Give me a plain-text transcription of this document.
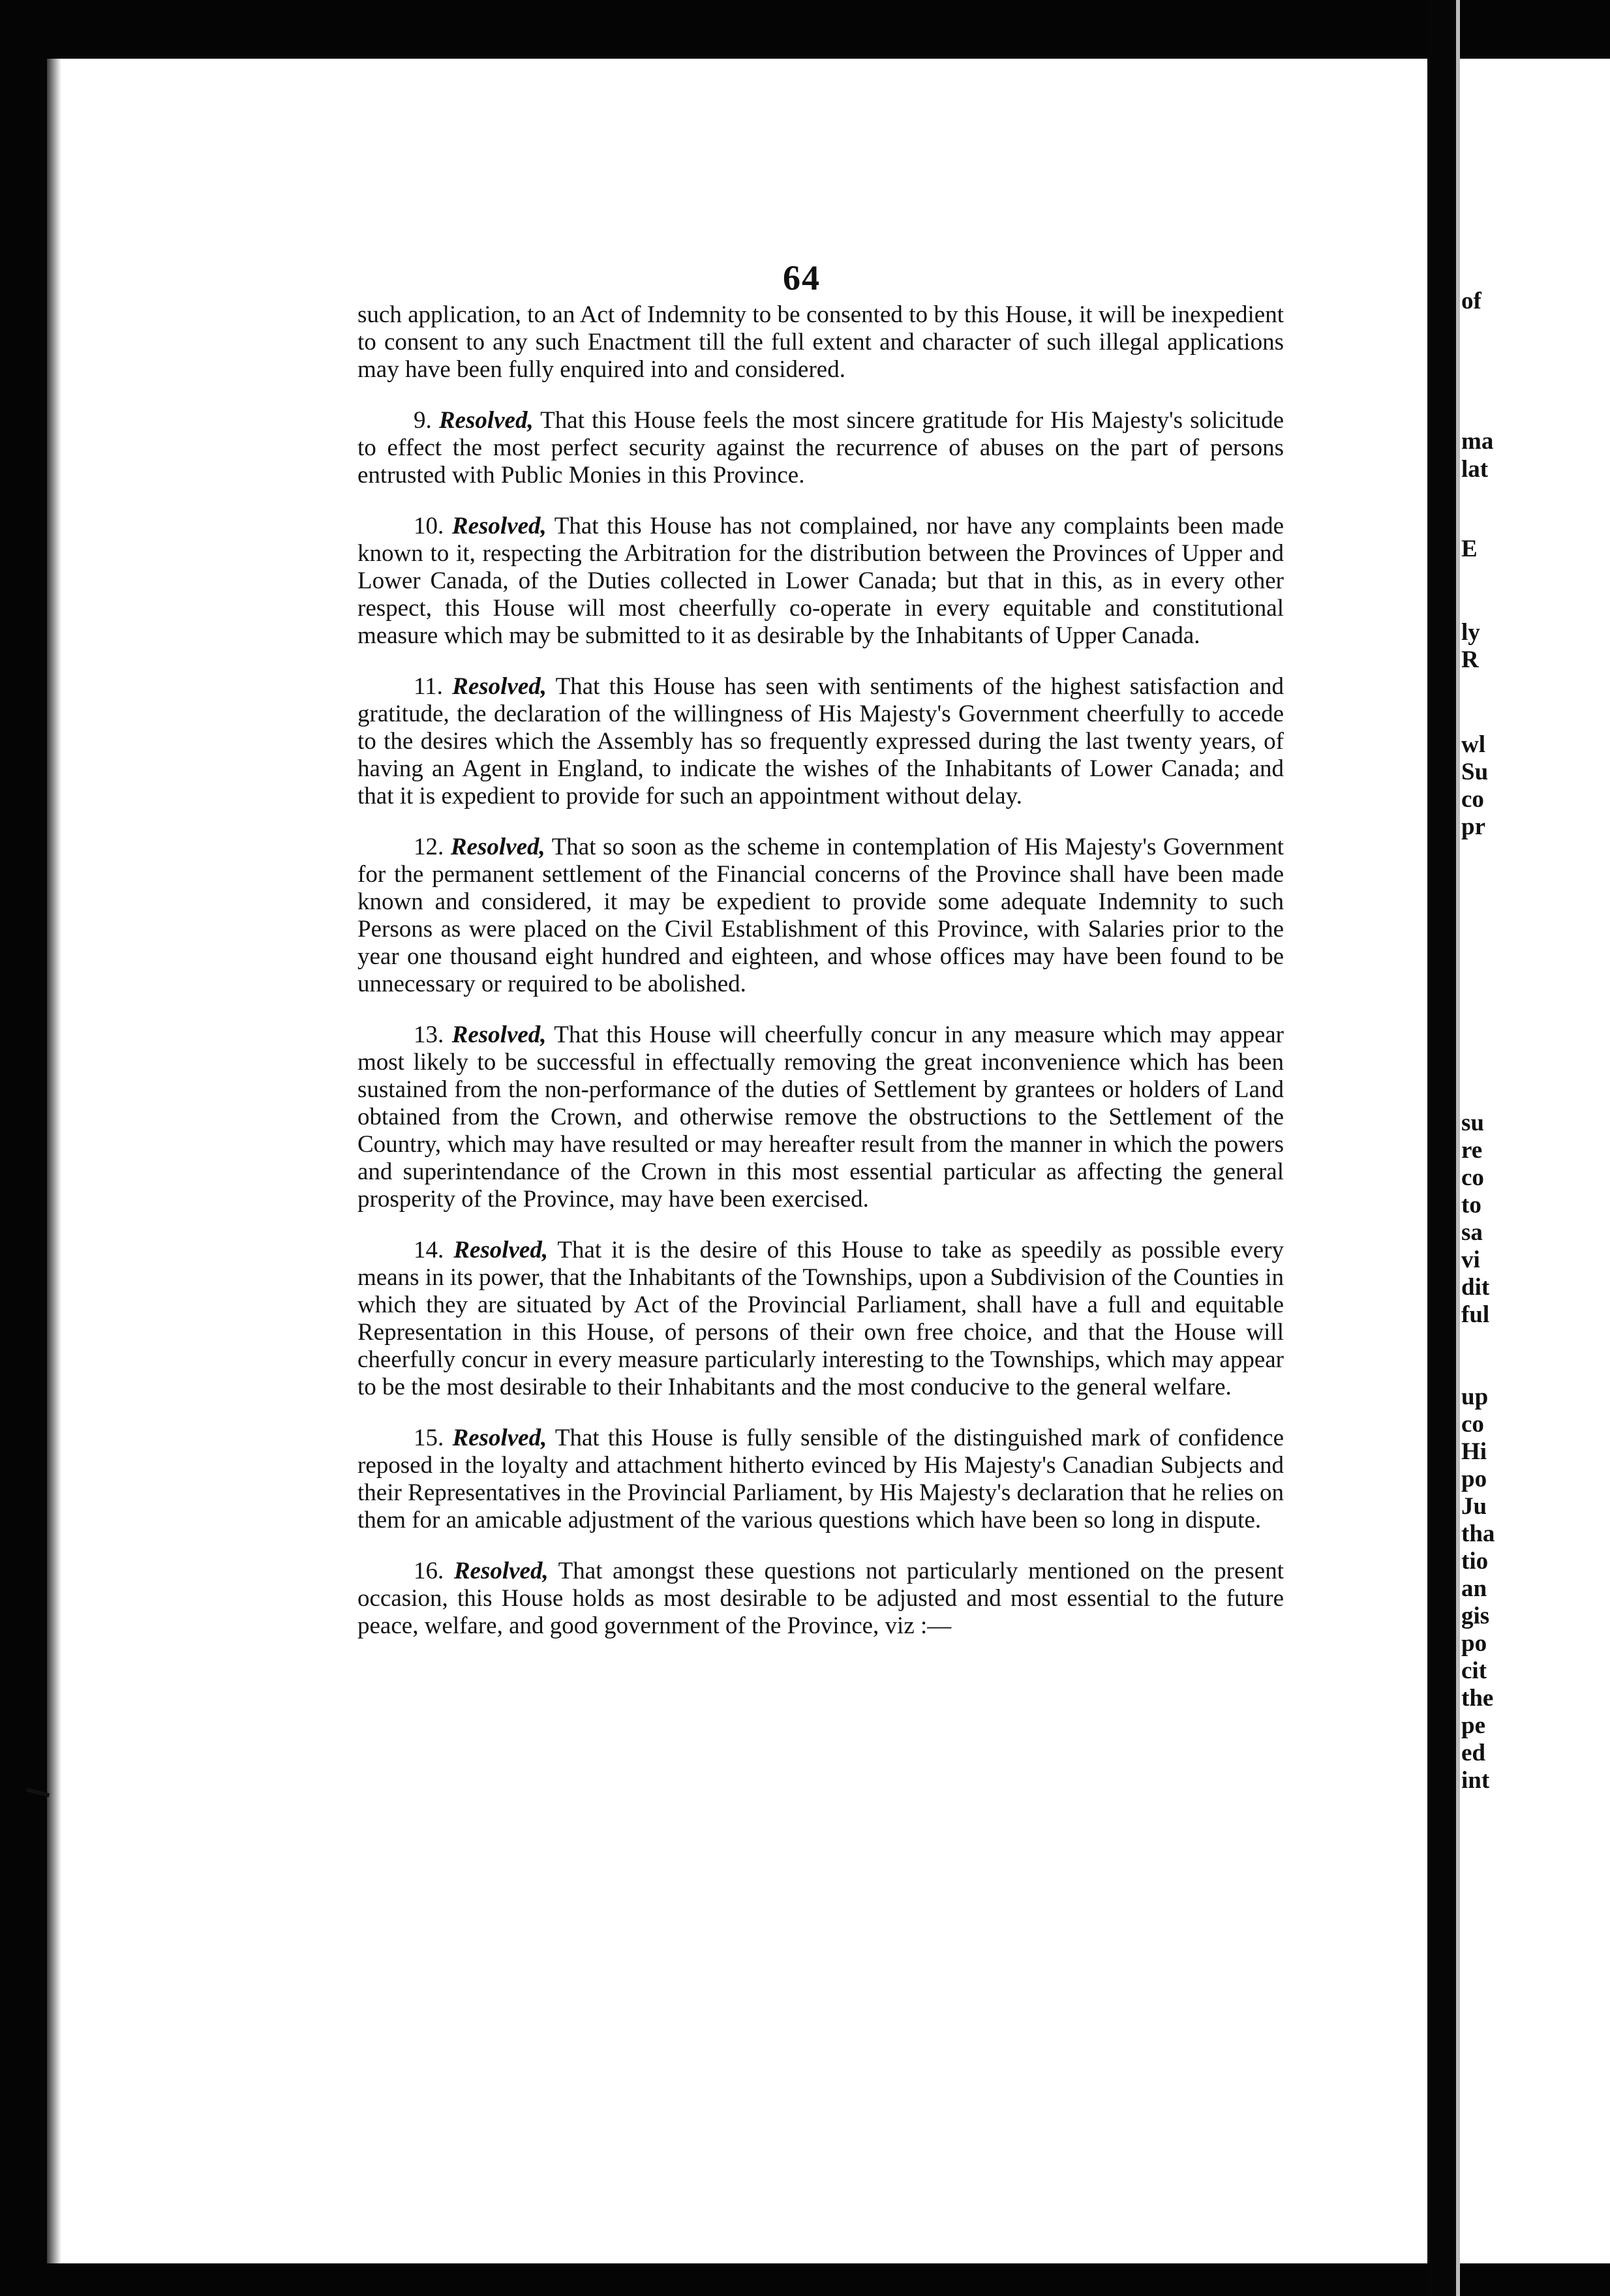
64

such application, to an Act of Indemnity to be consented to by this House, it will be inexpedient to consent to any such Enactment till the full extent and character of such illegal applications may have been fully enquired into and considered.

9. Resolved, That this House feels the most sincere gratitude for His Majesty's solicitude to effect the most perfect security against the recurrence of abuses on the part of persons entrusted with Public Monies in this Province.

10. Resolved, That this House has not complained, nor have any complaints been made known to it, respecting the Arbitration for the distribution between the Provinces of Upper and Lower Canada, of the Duties collected in Lower Canada; but that in this, as in every other respect, this House will most cheerfully co-operate in every equitable and constitutional measure which may be submitted to it as desirable by the Inhabitants of Upper Canada.

11. Resolved, That this House has seen with sentiments of the highest satisfaction and gratitude, the declaration of the willingness of His Majesty's Government cheerfully to accede to the desires which the Assembly has so frequently expressed during the last twenty years, of having an Agent in England, to indicate the wishes of the Inhabitants of Lower Canada; and that it is expedient to provide for such an appointment without delay.

12. Resolved, That so soon as the scheme in contemplation of His Majesty's Government for the permanent settlement of the Financial concerns of the Province shall have been made known and considered, it may be expedient to provide some adequate Indemnity to such Persons as were placed on the Civil Establishment of this Province, with Salaries prior to the year one thousand eight hundred and eighteen, and whose offices may have been found to be unnecessary or required to be abolished.

13. Resolved, That this House will cheerfully concur in any measure which may appear most likely to be successful in effectually removing the great inconvenience which has been sustained from the non-performance of the duties of Settlement by grantees or holders of Land obtained from the Crown, and otherwise remove the obstructions to the Settlement of the Country, which may have resulted or may hereafter result from the manner in which the powers and superintendance of the Crown in this most essential particular as affecting the general prosperity of the Province, may have been exercised.

14. Resolved, That it is the desire of this House to take as speedily as possible every means in its power, that the Inhabitants of the Townships, upon a Subdivision of the Counties in which they are situated by Act of the Provincial Parliament, shall have a full and equitable Representation in this House, of persons of their own free choice, and that the House will cheerfully concur in every measure particularly interesting to the Townships, which may appear to be the most desirable to their Inhabitants and the most conducive to the general welfare.

15. Resolved, That this House is fully sensible of the distinguished mark of confidence reposed in the loyalty and attachment hitherto evinced by His Majesty's Canadian Subjects and their Representatives in the Provincial Parliament, by His Majesty's declaration that he relies on them for an amicable adjustment of the various questions which have been so long in dispute.

16. Resolved, That amongst these questions not particularly mentioned on the present occasion, this House holds as most desirable to be adjusted and most essential to the future peace, welfare, and good government of the Province, viz :—

of
ma
lat
E
ly
R
wl
Su
co
pr
su
re
co
to
sa
vi
dit
ful
up
co
Hi
po
Ju
tha
tio
an
gis
po
cit
the
pe
ed
int
